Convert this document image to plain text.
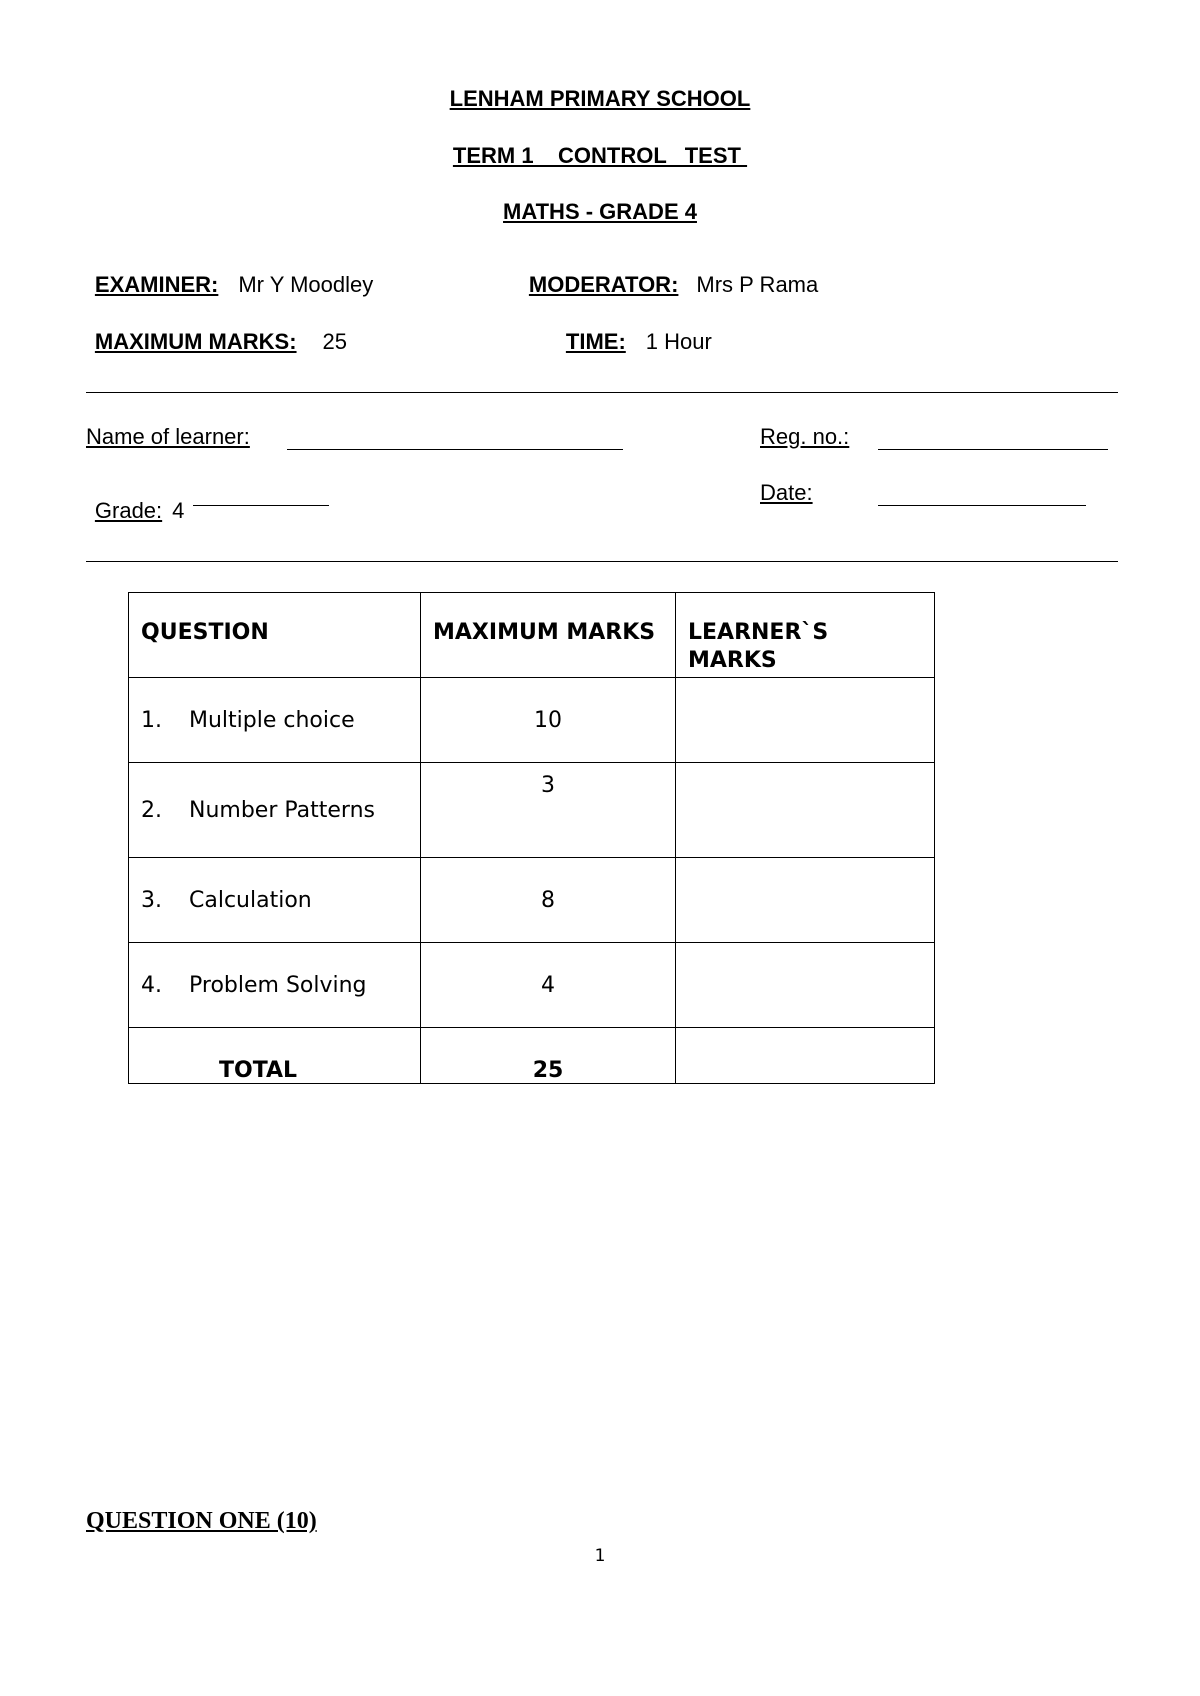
LENHAM PRIMARY SCHOOL
TERM 1    CONTROL   TEST
MATHS - GRADE 4

EXAMINER: Mr Y Moodley	MODERATOR: Mrs P Rama

MAXIMUM MARKS: 25	TIME: 1 Hour

Name of learner:	Reg. no.:

Grade: 4

Date:
QUESTION	MAXIMUM MARKS	LEARNER`S MARKS
1. Multiple choice	10	
2. Number Patterns	3	
3. Calculation	8	
4. Problem Solving	4	
TOTAL	25	
QUESTION ONE (10)
1
